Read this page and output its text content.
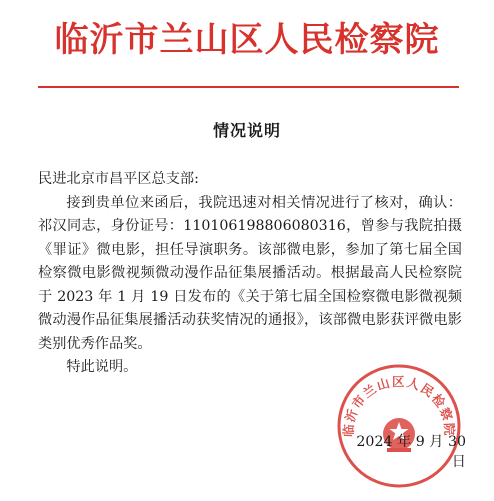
临沂市兰山区人民检察院
情况说明

民进北京市昌平区总支部:

接到贵单位来函后，我院迅速对相关情况进行了核对，确认：祁汉同志，身份证号：110106198806080316，曾参与我院拍摄《罪证》微电影，担任导演职务。该部微电影，参加了第七届全国检察微电影微视频微动漫作品征集展播活动。根据最高人民检察院于 2023 年 1 月 19 日发布的《关于第七届全国检察微电影微视频微动漫作品征集展播活动获奖情况的通报》，该部微电影获评微电影类别优秀作品奖。

特此说明。

临沂市兰山区人民检察院
2024 年 9 月 30 日
